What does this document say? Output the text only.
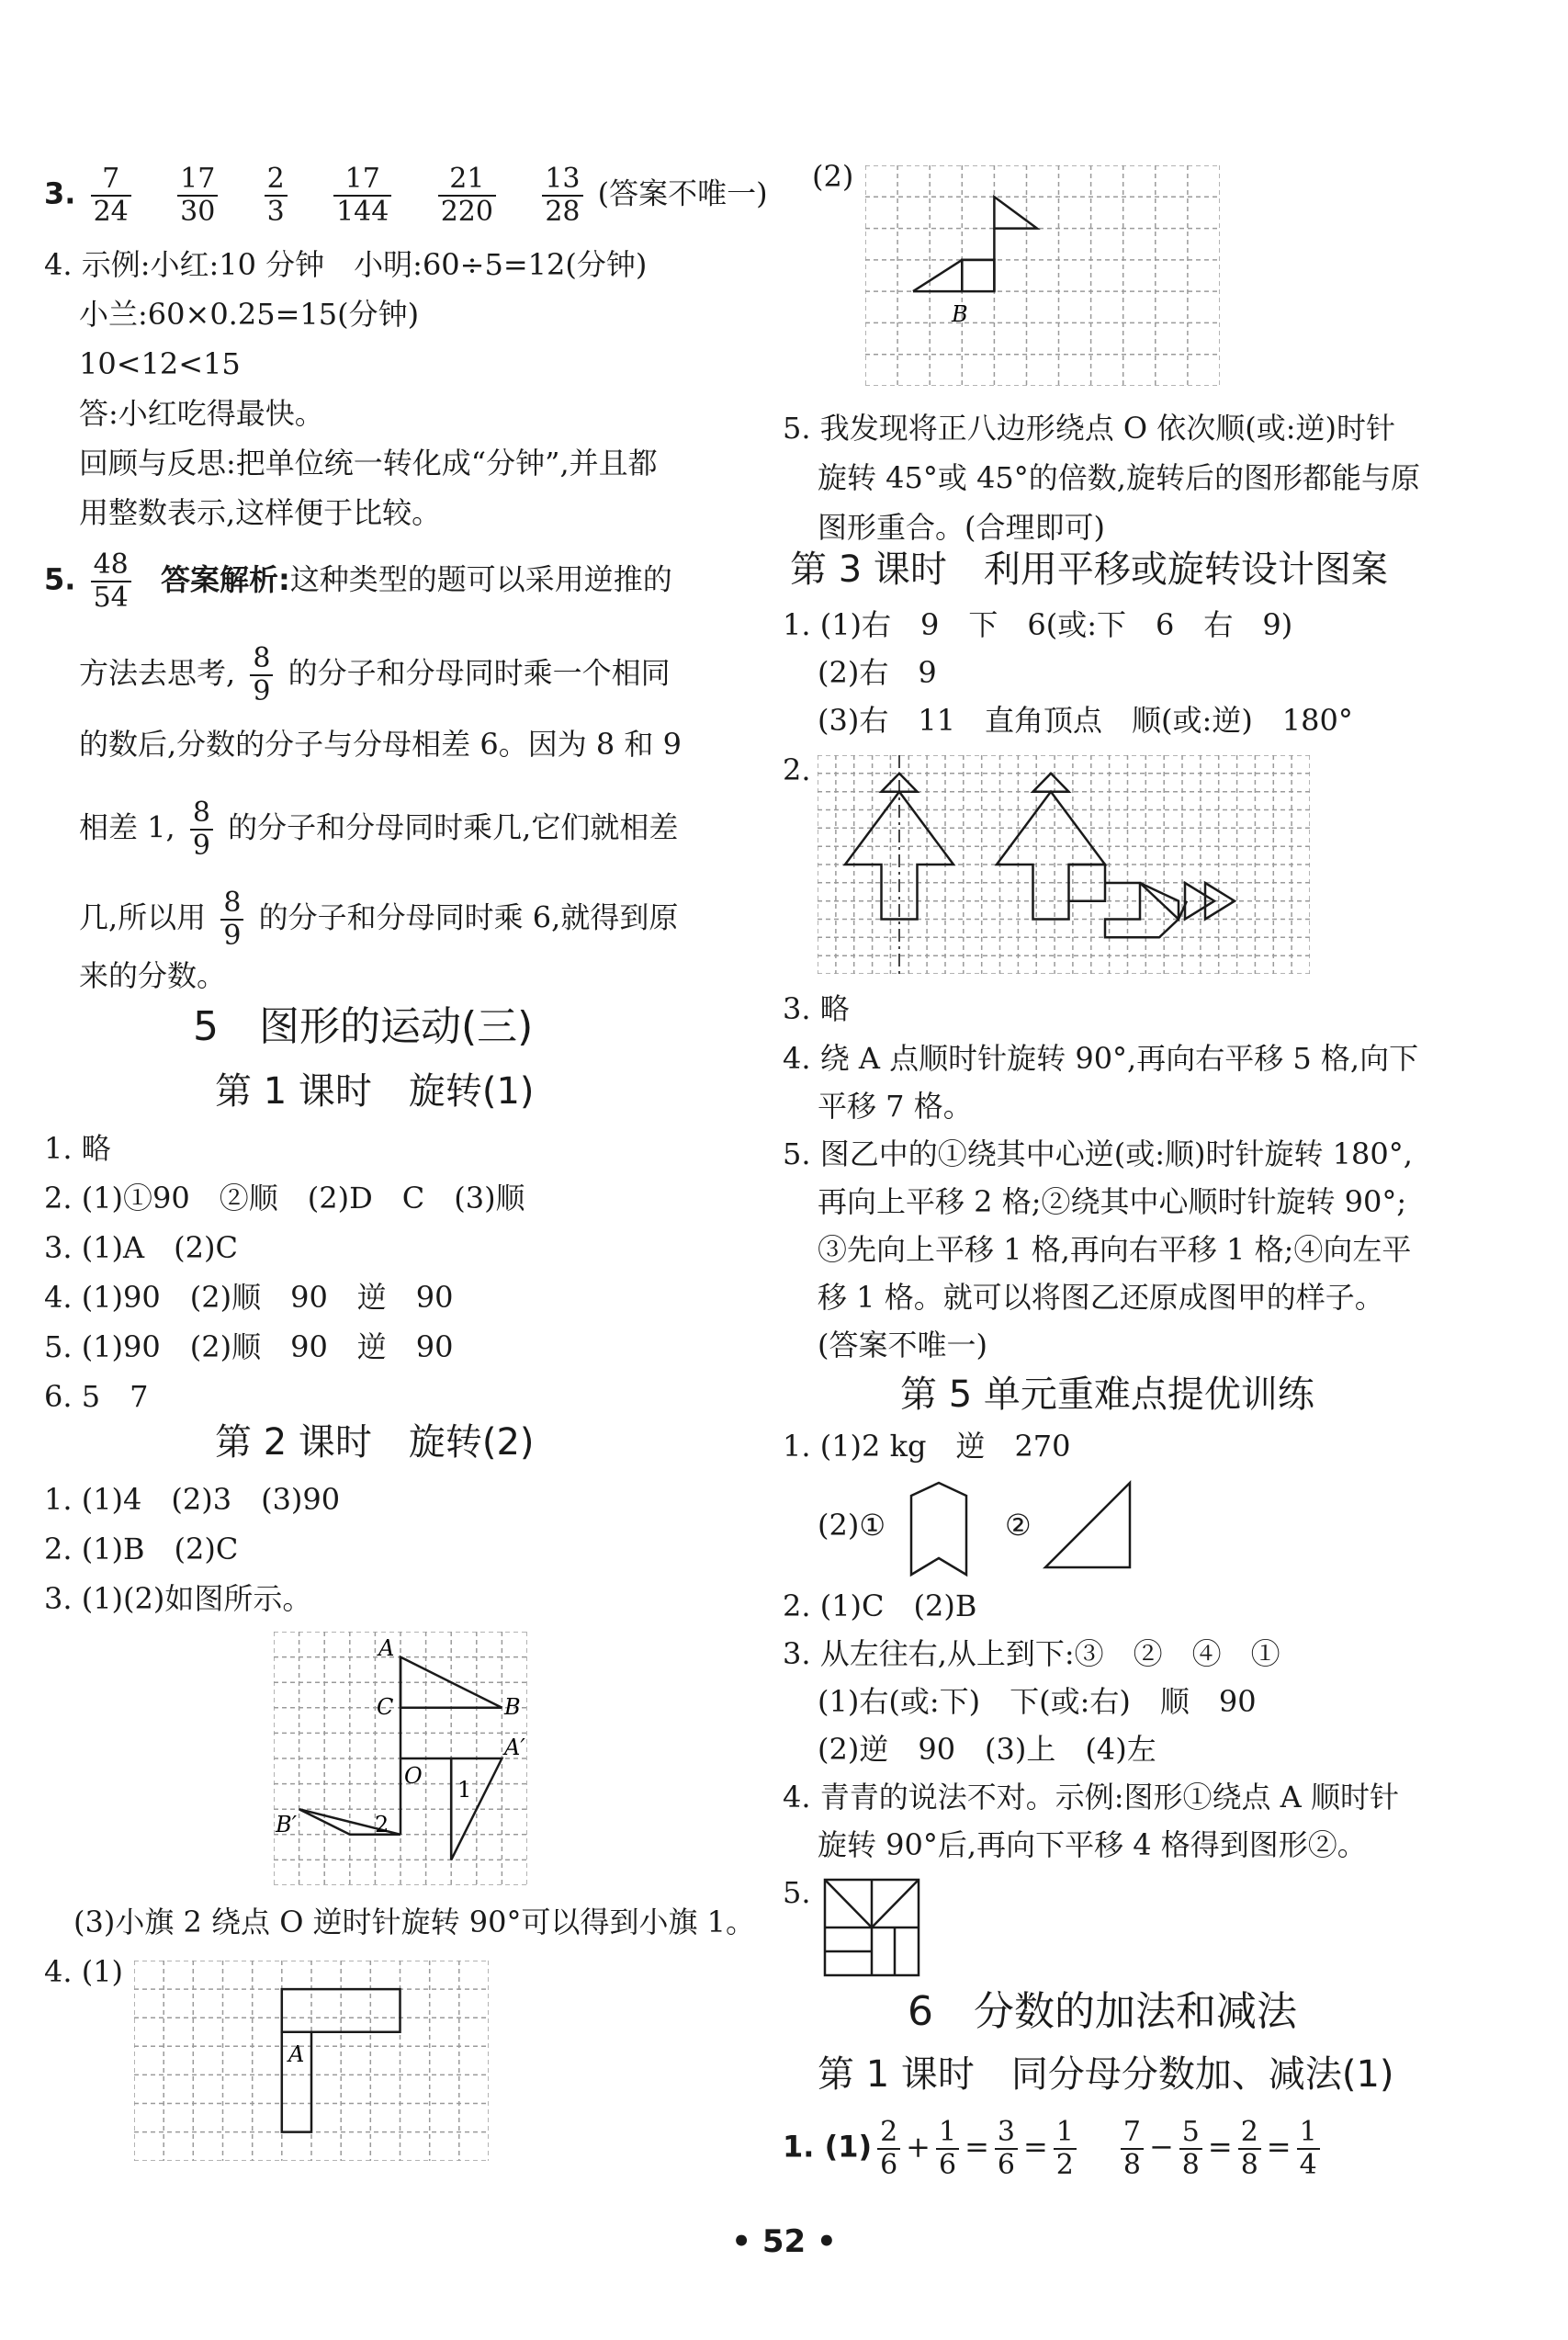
3. $\frac{7}{24}$
$\frac{17}{30}$
$\frac{2}{3}$
$\frac{17}{144}$
$\frac{21}{220}$
$\frac{13}{28}$ (答案不唯一)
4. 示例:小红:10 分钟　小明:60÷5=12(分钟)
小兰:60×0.25=15(分钟)
10<12<15
答:小红吃得最快。
回顾与反思:把单位统一转化成“分钟”,并且都
用整数表示,这样便于比较。
5. $\frac{48}{54}$ 答案解析:这种类型的题可以采用逆推的
方法去思考, $\frac{8}{9}$ 的分子和分母同时乘一个相同
的数后,分数的分子与分母相差 6。因为 8 和 9
相差 1, $\frac{8}{9}$ 的分子和分母同时乘几,它们就相差
几,所以用 $\frac{8}{9}$ 的分子和分母同时乘 6,就得到原
来的分数。
5　图形的运动(三)
第 1 课时　旋转(1)
1. 略
2. (1)①90　②顺　(2)D　C　(3)顺
3. (1)A　(2)C
4. (1)90　(2)顺　90　逆　90
5. (1)90　(2)顺　90　逆　90
6. 5　7
第 2 课时　旋转(2)
1. (1)4　(2)3　(3)90
2. (1)B　(2)C
3. (1)(2)如图所示。
A
C	B
A′
O
B′
1
2
(3)小旗 2 绕点 O 逆时针旋转 90°可以得到小旗 1。
4. (1)
A
(2)
B
5. 我发现将正八边形绕点 O 依次顺(或:逆)时针
旋转 45°或 45°的倍数,旋转后的图形都能与原
图形重合。(合理即可)
第 3 课时　利用平移或旋转设计图案
1. (1)右　9　下　6(或:下　6　右　9)
(2)右　9
(3)右　11　直角顶点　顺(或:逆)　180°
2.
3. 略
4. 绕 A 点顺时针旋转 90°,再向右平移 5 格,向下
平移 7 格。
5. 图乙中的①绕其中心逆(或:顺)时针旋转 180°,
再向上平移 2 格;②绕其中心顺时针旋转 90°;
③先向上平移 1 格,再向右平移 1 格;④向左平
移 1 格。就可以将图乙还原成图甲的样子。
(答案不唯一)
第 5 单元重难点提优训练
1. (1)2 kg　逆　270
(2)①	②
2. (1)C　(2)B
3. 从左往右,从上到下:③　②　④　①
(1)右(或:下)　下(或:右)　顺　90
(2)逆　90　(3)上　(4)左
4. 青青的说法不对。示例:图形①绕点 A 顺时针
旋转 90°后,再向下平移 4 格得到图形②。
5.
6　分数的加法和减法
第 1 课时　同分母分数加、减法(1)
1. $(1) \frac{2}{6} + \frac{1}{6} = \frac{3}{6} = \frac{1}{2} \frac{7}{8} - \frac{5}{8} = \frac{2}{8} = \frac{1}{4}$
• 52 •
